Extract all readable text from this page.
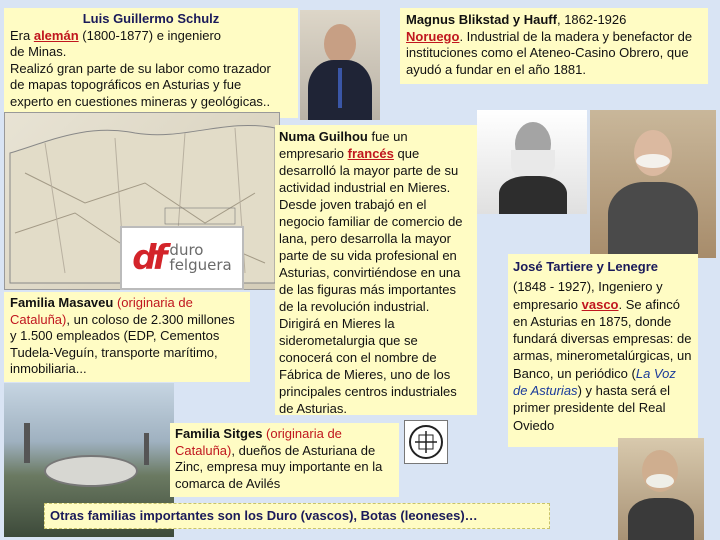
Luis Guillermo Schulz
Era alemán (1800-1877) e ingeniero
de Minas.
Realizó gran parte de su labor como trazador
de mapas topográficos en Asturias y fue
experto en cuestiones mineras y geológicas..
Magnus Blikstad y Hauff, 1862-1926
Noruego. Industrial de la madera y benefactor de instituciones como el Ateneo-Casino Obrero, que ayudó a fundar en el año 1881.
df duro
felguera
Familia Masaveu (originaria de Cataluña), un coloso de 2.300 millones y 1.500 empleados (EDP, Cementos Tudela-Veguín, transporte marítimo, inmobiliaria...
Numa Guilhou fue un empresario francés que desarrolló la mayor parte de su actividad industrial en Mieres. Desde joven trabajó en el negocio familiar de comercio de lana, pero desarrolla la mayor parte de su vida profesional en Asturias, convirtiéndose en una de las figuras más importantes de la revolución industrial. Dirigirá en Mieres la siderometalurgia que se conocerá con el nombre de Fábrica de Mieres, uno de los principales centros industriales de Asturias.
José Tartiere y Lenegre
(1848 - 1927), Ingeniero y empresario vasco. Se afincó en Asturias en 1875, donde fundará diversas empresas: de armas, minerometalúrgicas, un Banco, un periódico (La Voz de Asturias) y hasta será el primer presidente del Real Oviedo
Familia Sitges (originaria de Cataluña), dueños de Asturiana de Zinc, empresa muy importante en la comarca de Avilés
Otras familias importantes son los Duro (vascos), Botas (leoneses)…
